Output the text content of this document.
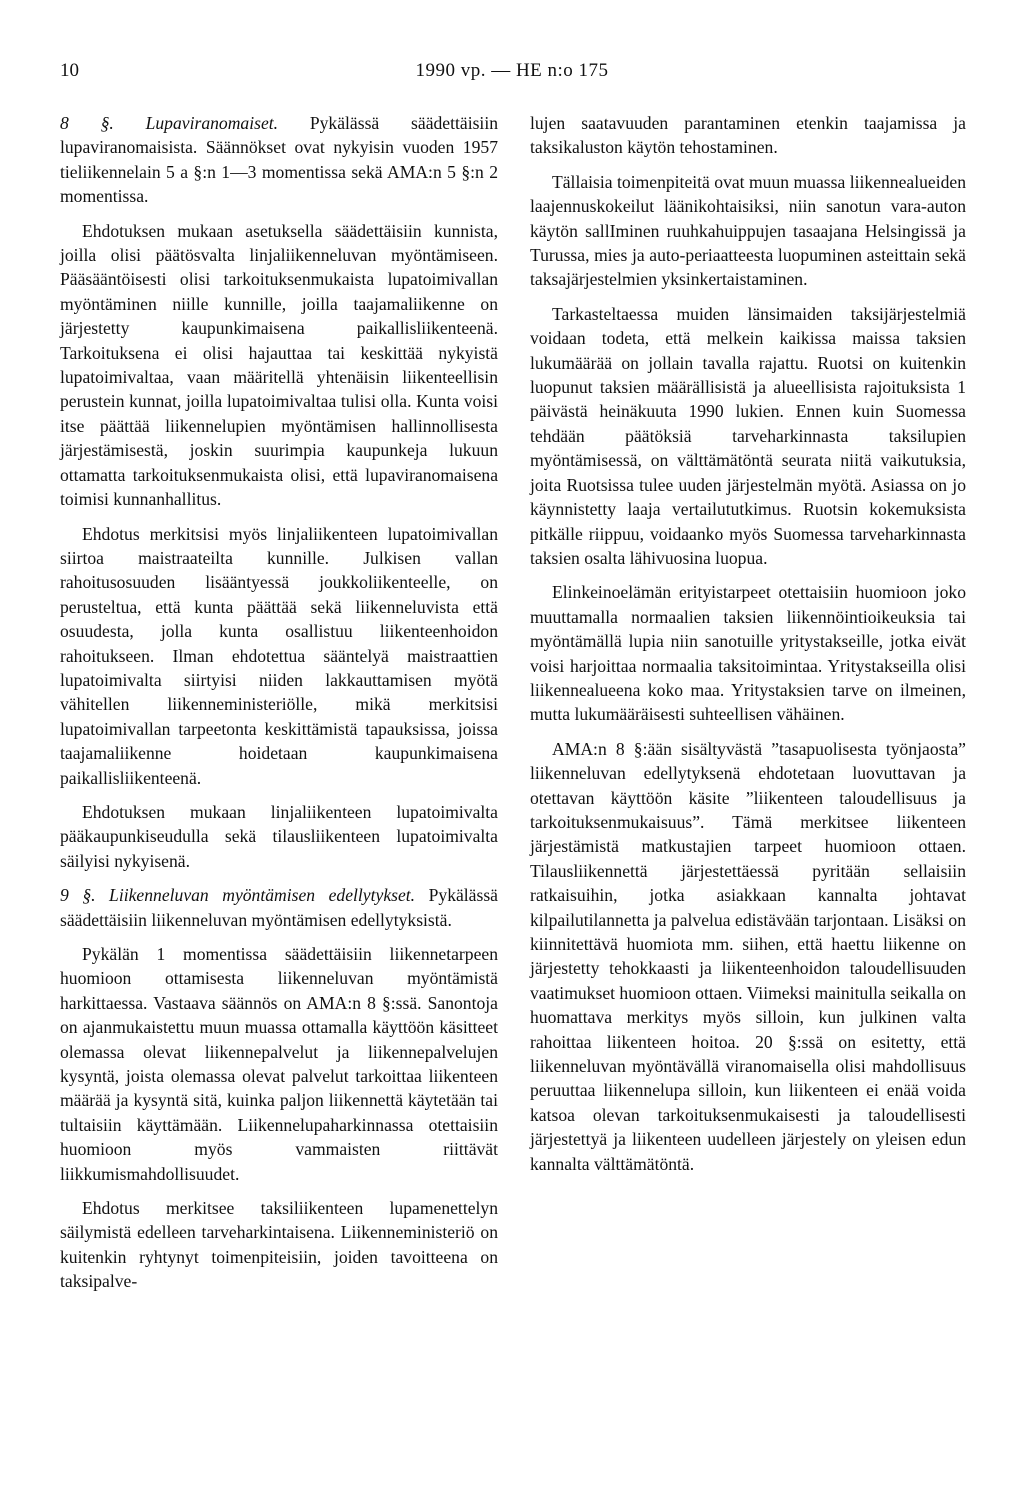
10	1990 vp. — HE n:o 175

8 §. Lupaviranomaiset. Pykälässä säädettäisiin lupaviranomaisista. Säännökset ovat nykyisin vuoden 1957 tieliikennelain 5 a §:n 1—3 momentissa sekä AMA:n 5 §:n 2 momentissa.

Ehdotuksen mukaan asetuksella säädettäisiin kunnista, joilla olisi päätösvalta linjaliikenneluvan myöntämiseen. Pääsääntöisesti olisi tarkoituksenmukaista lupatoimivallan myöntäminen niille kunnille, joilla taajamaliikenne on järjestetty kaupunkimaisena paikallisliikenteenä. Tarkoituksena ei olisi hajauttaa tai keskittää nykyistä lupatoimivaltaa, vaan määritellä yhtenäisin liikenteellisin perustein kunnat, joilla lupatoimivaltaa tulisi olla. Kunta voisi itse päättää liikennelupien myöntämisen hallinnollisesta järjestämisestä, joskin suurimpia kaupunkeja lukuun ottamatta tarkoituksenmukaista olisi, että lupaviranomaisena toimisi kunnanhallitus.

Ehdotus merkitsisi myös linjaliikenteen lupatoimivallan siirtoa maistraateilta kunnille. Julkisen vallan rahoitusosuuden lisääntyessä joukkoliikenteelle, on perusteltua, että kunta päättää sekä liikenneluvista että osuudesta, jolla kunta osallistuu liikenteenhoidon rahoitukseen. Ilman ehdotettua sääntelyä maistraattien lupatoimivalta siirtyisi niiden lakkauttamisen myötä vähitellen liikenneministeriölle, mikä merkitsisi lupatoimivallan tarpeetonta keskittämistä tapauksissa, joissa taajamaliikenne hoidetaan kaupunkimaisena paikallisliikenteenä.

Ehdotuksen mukaan linjaliikenteen lupatoimivalta pääkaupunkiseudulla sekä tilausliikenteen lupatoimivalta säilyisi nykyisenä.

9 §. Liikenneluvan myöntämisen edellytykset. Pykälässä säädettäisiin liikenneluvan myöntämisen edellytyksistä.

Pykälän 1 momentissa säädettäisiin liikennetarpeen huomioon ottamisesta liikenneluvan myöntämistä harkittaessa. Vastaava säännös on AMA:n 8 §:ssä. Sanontoja on ajanmukaistettu muun muassa ottamalla käyttöön käsitteet olemassa olevat liikennepalvelut ja liikennepalvelujen kysyntä, joista olemassa olevat palvelut tarkoittaa liikenteen määrää ja kysyntä sitä, kuinka paljon liikennettä käytetään tai tultaisiin käyttämään. Liikennelupaharkinnassa otettaisiin huomioon myös vammaisten riittävät liikkumismahdollisuudet.

Ehdotus merkitsee taksiliikenteen lupamenettelyn säilymistä edelleen tarveharkintaisena. Liikenneministeriö on kuitenkin ryhtynyt toimenpiteisiin, joiden tavoitteena on taksipalve-

lujen saatavuuden parantaminen etenkin taajamissa ja taksikaluston käytön tehostaminen.

Tällaisia toimenpiteitä ovat muun muassa liikennealueiden laajennuskokeilut läänikohtaisiksi, niin sanotun vara-auton käytön sallIminen ruuhkahuippujen tasaajana Helsingissä ja Turussa, mies ja auto-periaatteesta luopuminen asteittain sekä taksajärjestelmien yksinkertaistaminen.

Tarkasteltaessa muiden länsimaiden taksijärjestelmiä voidaan todeta, että melkein kaikissa maissa taksien lukumäärää on jollain tavalla rajattu. Ruotsi on kuitenkin luopunut taksien määrällisistä ja alueellisista rajoituksista 1 päivästä heinäkuuta 1990 lukien. Ennen kuin Suomessa tehdään päätöksiä tarveharkinnasta taksilupien myöntämisessä, on välttämätöntä seurata niitä vaikutuksia, joita Ruotsissa tulee uuden järjestelmän myötä. Asiassa on jo käynnistetty laaja vertailututkimus. Ruotsin kokemuksista pitkälle riippuu, voidaanko myös Suomessa tarveharkinnasta taksien osalta lähivuosina luopua.

Elinkeinoelämän erityistarpeet otettaisiin huomioon joko muuttamalla normaalien taksien liikennöintioikeuksia tai myöntämällä lupia niin sanotuille yritystakseille, jotka eivät voisi harjoittaa normaalia taksitoimintaa. Yritystakseilla olisi liikennealueena koko maa. Yritystaksien tarve on ilmeinen, mutta lukumääräisesti suhteellisen vähäinen.

AMA:n 8 §:ään sisältyvästä ”tasapuolisesta työnjaosta” liikenneluvan edellytyksenä ehdotetaan luovuttavan ja otettavan käyttöön käsite ”liikenteen taloudellisuus ja tarkoituksenmukaisuus”. Tämä merkitsee liikenteen järjestämistä matkustajien tarpeet huomioon ottaen. Tilausliikennettä järjestettäessä pyritään sellaisiin ratkaisuihin, jotka asiakkaan kannalta johtavat kilpailutilannetta ja palvelua edistävään tarjontaan. Lisäksi on kiinnitettävä huomiota mm. siihen, että haettu liikenne on järjestetty tehokkaasti ja liikenteenhoidon taloudellisuuden vaatimukset huomioon ottaen. Viimeksi mainitulla seikalla on huomattava merkitys myös silloin, kun julkinen valta rahoittaa liikenteen hoitoa. 20 §:ssä on esitetty, että liikenneluvan myöntävällä viranomaisella olisi mahdollisuus peruuttaa liikennelupa silloin, kun liikenteen ei enää voida katsoa olevan tarkoituksenmukaisesti ja taloudellisesti järjestettyä ja liikenteen uudelleen järjestely on yleisen edun kannalta välttämätöntä.
